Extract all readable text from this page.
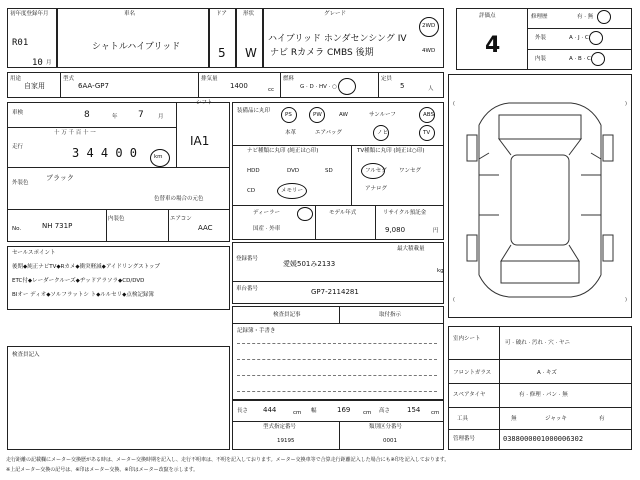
初年度登録年月
R01
10 月
車名
シャトルハイブリッド
ドア
5
形状
W
グレード
ハイブリッド ホンダセンシング IV
ナビ Rカメラ CMBS 後期
2WD
4WD
用途
自家用
型式
6AA-GP7
排気量
1400	cc
燃料
G · D · HV · ○
定員
5	人
評価点
4
修理歴	有 · 無
外装	A · J · C
内装	A · B · C
車検	8	年 7	月
十 万 千 百 十 一
走行	3 4 4 0 0	km
シフト
IA1
外装色
ブラック
色替車の場合の元色
No.	NH 731P
内装色	エアコン
AAC
装備品に丸印
PS	PW	AW	サンルーフ	ABS
本革	エアバッグ	ノヒ	TV
ナビ種類に丸印 (純正は○印)	TV種類に丸印 (純正は○印)
HDD	DVD	SD
CD	メモリー
フルセグ ワンセグ
アナログ
ディーラー
国産 · 外車
モデル年式	リサイクル預託金
9,080	円
最大積載量
kg
登録番号
愛媛501み2133
車台番号	GP7-2114281
セールスポイント
後期◆純正ナビTV◆Rカメ◆衝突軽減◆アイドリングストップ
ETC付◆レーダークルーズ◆ヂッドアラソラ◆CD/DVD
BIオー ディオ◆ソルフラットシ ト◆ルルセリ◆点検記録簿
検査員記入
検査員記事	取付指示
記録簿・手書き
長さ 444	cm 幅	169 cm 高さ 154 cm
型式指定番号
19195
類別区分番号
0001
(	)
(	)
室内シート
可 · 破れ · 汚れ · 穴 · ヤニ
フロントガラス	A · キズ
スペアタイヤ	有 · 修理 · パン · 無
工具	無	ジャッキ	有
管理番号	0388000001000006302
走行距離の記載欄にメーター交換歴がある時は、メーター交換時期を記入し、走行不明車は、不明を記入しております。メーター交換車等で合算走行距離記入した場合にも※印を記入しております。
※上記メーター交換の記号は、※印はメーター交換、※印はメーター改竄を示します。
